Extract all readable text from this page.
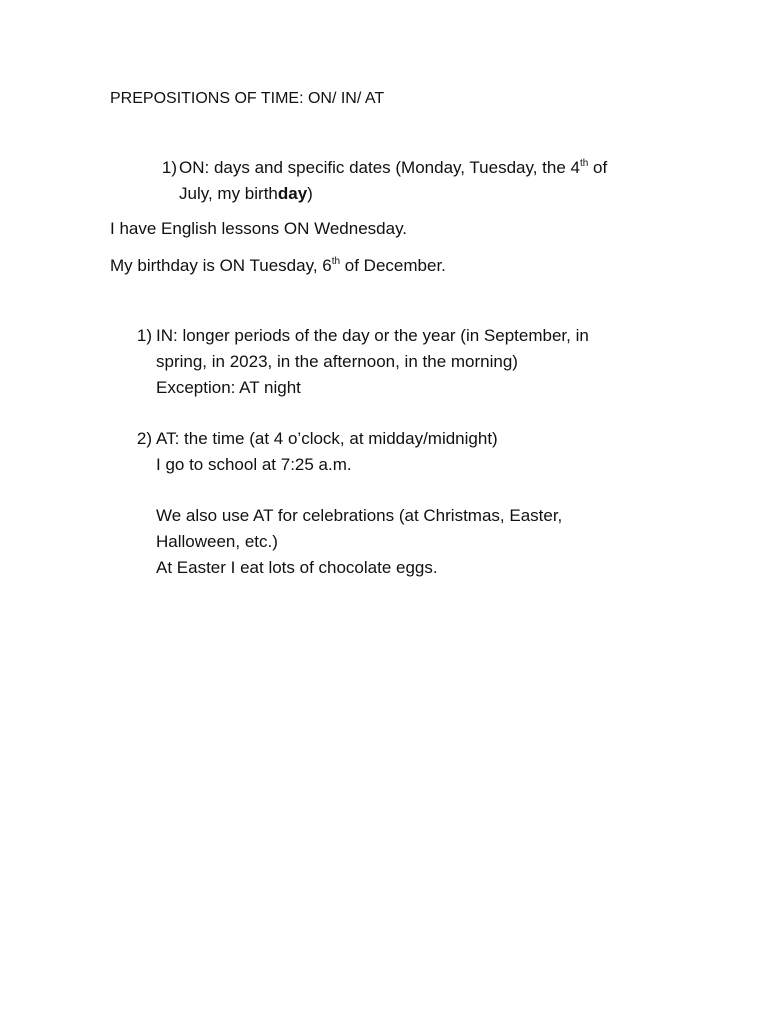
PREPOSITIONS OF TIME: ON/ IN/ AT
1) ON: days and specific dates (Monday, Tuesday, the 4th of
July, my birthday)
I have English lessons ON Wednesday.
My birthday is ON Tuesday, 6th of December.
1) IN: longer periods of the day or the year (in September, in
spring, in 2023, in the afternoon, in the morning)
Exception: AT night
2) AT: the time (at 4 o’clock, at midday/midnight)
I go to school at 7:25 a.m.
We also use AT for celebrations (at Christmas, Easter,
Halloween, etc.)
At Easter I eat lots of chocolate eggs.
